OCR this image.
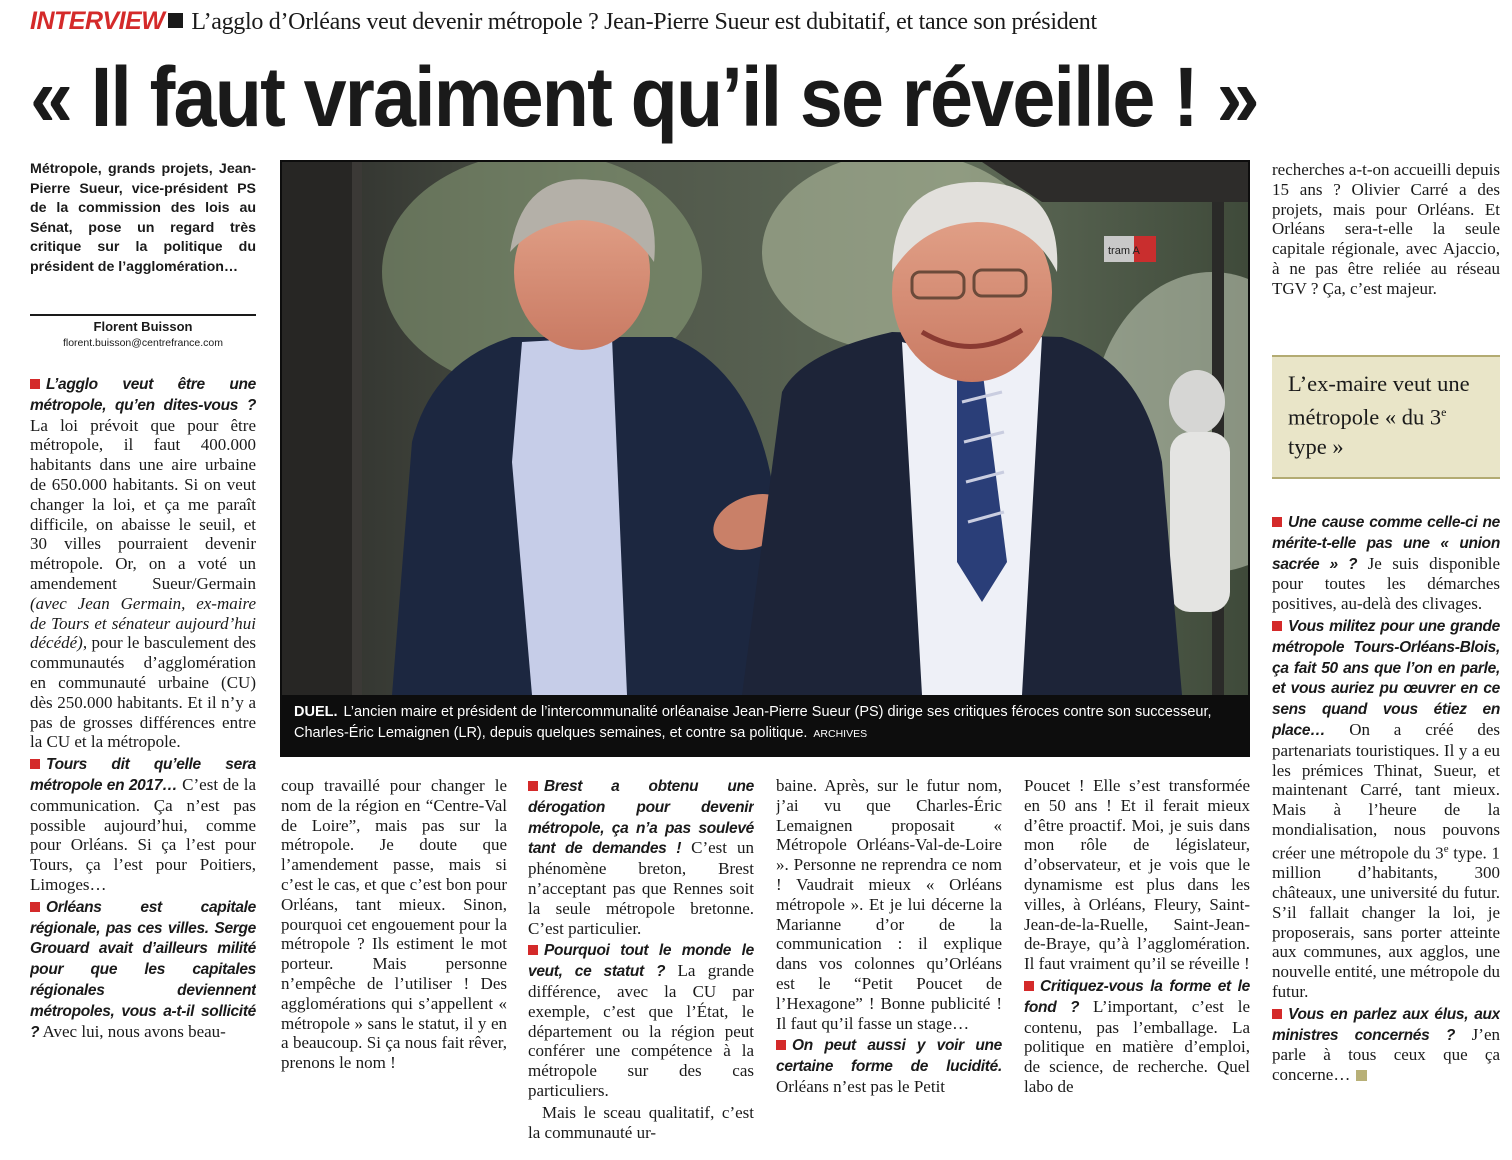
INTERVIEW L’agglo d’Orléans veut devenir métropole ? Jean-Pierre Sueur est dubitatif, et tance son président
« Il faut vraiment qu’il se réveille ! »
Métropole, grands projets, Jean-Pierre Sueur, vice-président PS de la commission des lois au Sénat, pose un regard très critique sur la politique du président de l’agglomération…
Florent Buisson
florent.buisson@centrefrance.com
L’agglo veut être une métropole, qu’en dites-vous ? La loi prévoit que pour être métropole, il faut 400.000 habitants dans une aire urbaine de 650.000 habitants. Si on veut changer la loi, et ça me paraît difficile, on abaisse le seuil, et 30 villes pourraient devenir métropole. Or, on a voté un amendement Sueur/Germain (avec Jean Germain, ex-maire de Tours et sénateur aujourd’hui décédé), pour le basculement des communautés d’agglomération en communauté urbaine (CU) dès 250.000 habitants. Et il n’y a pas de grosses différences entre la CU et la métropole.
Tours dit qu’elle sera métropole en 2017… C’est de la communication. Ça n’est pas possible aujourd’hui, comme pour Orléans. Si ça l’est pour Tours, ça l’est pour Poitiers, Limoges…
Orléans est capitale régionale, pas ces villes. Serge Grouard avait d’ailleurs milité pour que les capitales régionales deviennent métropoles, vous a-t-il sollicité ? Avec lui, nous avons beau-
tram A
DUEL. L’ancien maire et président de l’intercommunalité orléanaise Jean-Pierre Sueur (PS) dirige ses critiques féroces contre son successeur, Charles-Éric Lemaignen (LR), depuis quelques semaines, et contre sa politique. ARCHIVES
coup travaillé pour changer le nom de la région en “Centre-Val de Loire”, mais pas sur la métropole. Je doute que l’amendement passe, mais si c’est le cas, et que c’est bon pour Orléans, tant mieux. Sinon, pourquoi cet engouement pour la métropole ? Ils estiment le mot porteur. Mais personne n’empêche de l’utiliser ! Des agglomérations qui s’appellent « métropole » sans le statut, il y en a beaucoup. Si ça nous fait rêver, prenons le nom !
Brest a obtenu une dérogation pour devenir métropole, ça n’a pas soulevé tant de demandes ! C’est un phénomène breton, Brest n’acceptant pas que Rennes soit la seule métropole bretonne. C’est particulier.
Pourquoi tout le monde le veut, ce statut ? La grande différence, avec la CU par exemple, c’est que l’État, le département ou la région peut conférer une compétence à la métropole sur des cas particuliers.
Mais le sceau qualitatif, c’est la communauté ur-
baine. Après, sur le futur nom, j’ai vu que Charles-Éric Lemaignen proposait « Métropole Orléans-Val-de-Loire ». Personne ne reprendra ce nom ! Vaudrait mieux « Orléans métropole ». Et je lui décerne la Marianne d’or de la communication : il explique dans vos colonnes qu’Orléans est le “Petit Poucet de l’Hexagone” ! Bonne publicité ! Il faut qu’il fasse un stage…
On peut aussi y voir une certaine forme de lucidité. Orléans n’est pas le Petit
Poucet ! Elle s’est transformée en 50 ans ! Et il ferait mieux d’être proactif. Moi, je suis dans mon rôle de législateur, d’observateur, et je vois que le dynamisme est plus dans les villes, à Orléans, Fleury, Saint-Jean-de-la-Ruelle, Saint-Jean-de-Braye, qu’à l’agglomération. Il faut vraiment qu’il se réveille !
Critiquez-vous la forme et le fond ? L’important, c’est le contenu, pas l’emballage. La politique en matière d’emploi, de science, de recherche. Quel labo de
recherches a-t-on accueilli depuis 15 ans ? Olivier Carré a des projets, mais pour Orléans. Et Orléans sera-t-elle la seule capitale régionale, avec Ajaccio, à ne pas être reliée au réseau TGV ? Ça, c’est majeur.
L’ex-maire veut une métropole « du 3e type »
Une cause comme celle-ci ne mérite-t-elle pas une « union sacrée » ? Je suis disponible pour toutes les démarches positives, au-delà des clivages.
Vous militez pour une grande métropole Tours-Orléans-Blois, ça fait 50 ans que l’on en parle, et vous auriez pu œuvrer en ce sens quand vous étiez en place… On a créé des partenariats touristiques. Il y a eu les prémices Thinat, Sueur, et maintenant Carré, tant mieux. Mais à l’heure de la mondialisation, nous pouvons créer une métropole du 3e type. 1 million d’habitants, 300 châteaux, une université du futur. S’il fallait changer la loi, je proposerais, sans porter atteinte aux communes, aux agglos, une nouvelle entité, une métropole du futur.
Vous en parlez aux élus, aux ministres concernés ? J’en parle à tous ceux que ça concerne…
